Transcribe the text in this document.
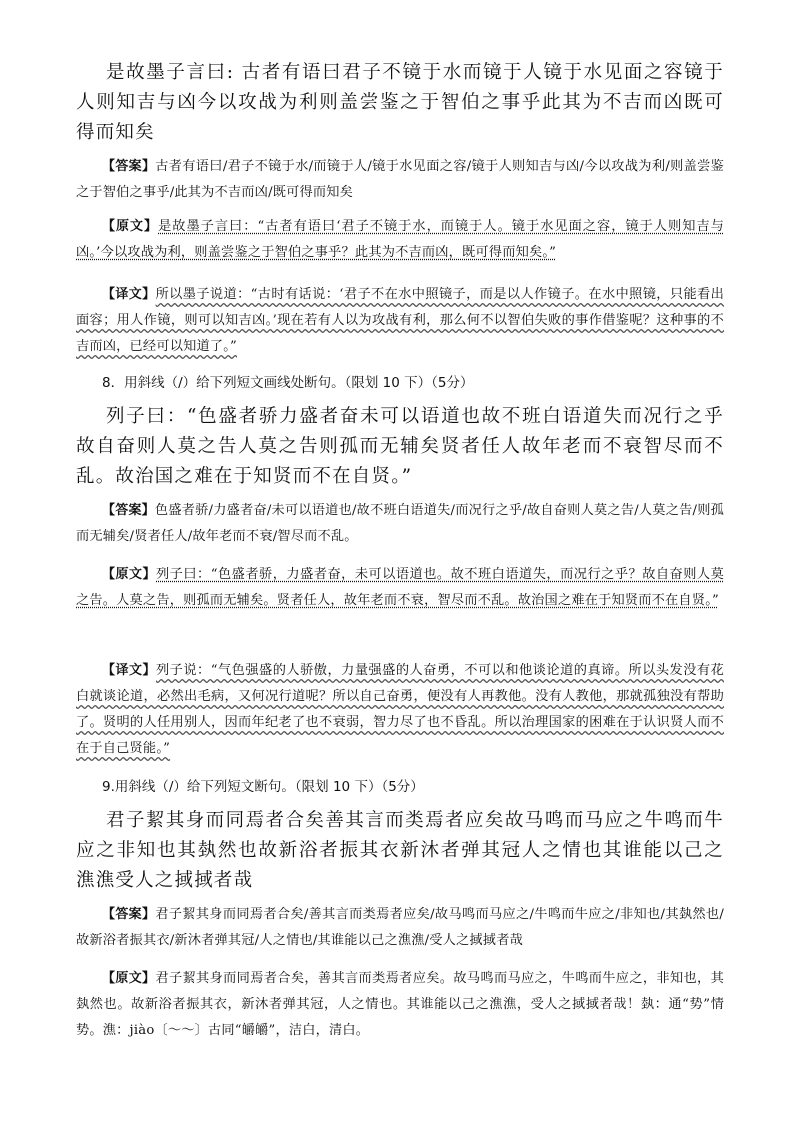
是故墨子言曰: 古者有语曰君子不镜于水而镜于人镜于水见面之容镜于人则知吉与凶今以攻战为利则盖尝鉴之于智伯之事乎此其为不吉而凶既可得而知矣

【答案】古者有语曰/君子不镜于水/而镜于人/镜于水见面之容/镜于人则知吉与凶/今以攻战为利/则盖尝鉴之于智伯之事乎/此其为不吉而凶/既可得而知矣
【原文】是故墨子言曰：“古者有语曰‘君子不镜于水，而镜于人。镜于水见面之容，镜于人则知吉与凶。’今以攻战为利，则盖尝鉴之于智伯之事乎？此其为不吉而凶，既可得而知矣。”
【译文】所以墨子说道：“古时有话说：‘君子不在水中照镜子，而是以人作镜子。在水中照镜，只能看出面容；用人作镜，则可以知吉凶。’现在若有人以为攻战有利，那么何不以智伯失败的事作借鉴呢？这种事的不吉而凶，已经可以知道了。”

8．用斜线（/）给下列短文画线处断句。（限划 10 下）（5分）

列子曰：“色盛者骄力盛者奋未可以语道也故不班白语道失而况行之乎故自奋则人莫之告人莫之告则孤而无辅矣贤者任人故年老而不衰智尽而不乱。故治国之难在于知贤而不在自贤。”

【答案】色盛者骄/力盛者奋/未可以语道也/故不班白语道失/而况行之乎/故自奋则人莫之告/人莫之告/则孤而无辅矣/贤者任人/故年老而不衰/智尽而不乱。
【原文】列子曰：“色盛者骄，力盛者奋，未可以语道也。故不班白语道失，而况行之乎？故自奋则人莫之告。人莫之告，则孤而无辅矣。贤者任人，故年老而不衰，智尽而不乱。故治国之难在于知贤而不在自贤。”
【译文】列子说：“气色强盛的人骄傲，力量强盛的人奋勇，不可以和他谈论道的真谛。所以头发没有花白就谈论道，必然出毛病，又何况行道呢？所以自己奋勇，便没有人再教他。没有人教他，那就孤独没有帮助了。贤明的人任用别人，因而年纪老了也不衰弱，智力尽了也不昏乱。所以治理国家的困难在于认识贤人而不在于自己贤能。”

9.用斜线（/）给下列短文断句。（限划 10 下）（5分）

君子絜其身而同焉者合矣善其言而类焉者应矣故马鸣而马应之牛鸣而牛应之非知也其埶然也故新浴者振其衣新沐者弹其冠人之情也其谁能以己之潐潐受人之掝掝者哉

【答案】君子絜其身而同焉者合矣/善其言而类焉者应矣/故马鸣而马应之/牛鸣而牛应之/非知也/其埶然也/故新浴者振其衣/新沐者弹其冠/人之情也/其谁能以己之潐潐/受人之掝掝者哉
【原文】君子絜其身而同焉者合矣，善其言而类焉者应矣。故马鸣而马应之，牛鸣而牛应之，非知也，其埶然也。故新浴者振其衣，新沐者弹其冠，人之情也。其谁能以己之潐潐，受人之掝掝者哉！埶：通“势”情势。潐：jiào〔～～〕古同“皭皭”，洁白，清白。
